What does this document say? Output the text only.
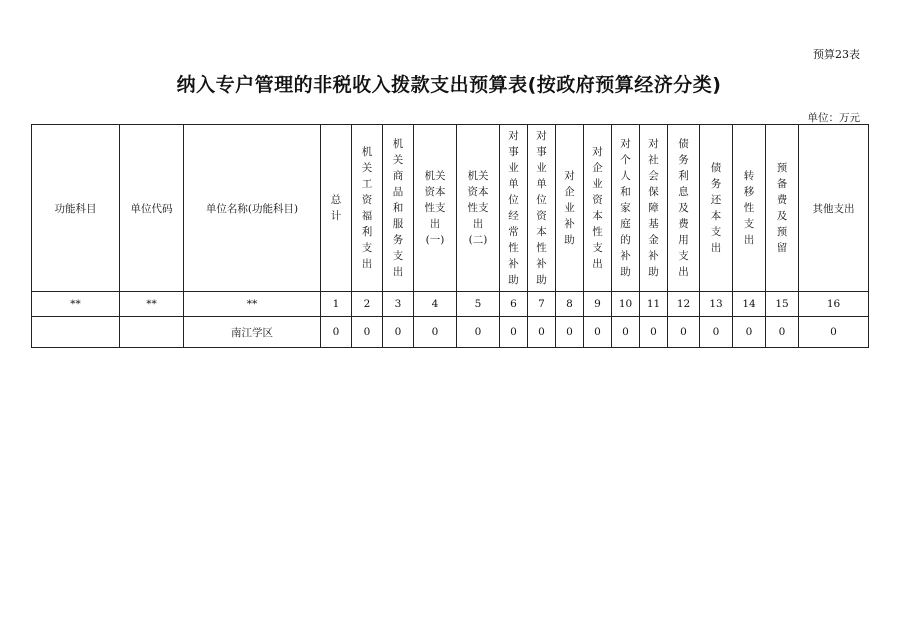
预算23表
纳入专户管理的非税收入拨款支出预算表(按政府预算经济分类)
单位：万元
功能科目	单位代码	单位名称(功能科目)	总计	机关工资福利支出	机关商品和服务支出	机关资本性支出(一)	机关资本性支出(二)	对事业单位经常性补助	对事业单位资本性补助	对企业补助	对企业资本性支出	对个人和家庭的补助	对社会保障基金补助	债务利息及费用支出	债务还本支出	转移性支出	预备费及预留	其他支出
**	**	**	1	2	3	4	5	6	7	8	9	10	11	12	13	14	15	16
		南江学区	0	0	0	0	0	0	0	0	0	0	0	0	0	0	0	0
